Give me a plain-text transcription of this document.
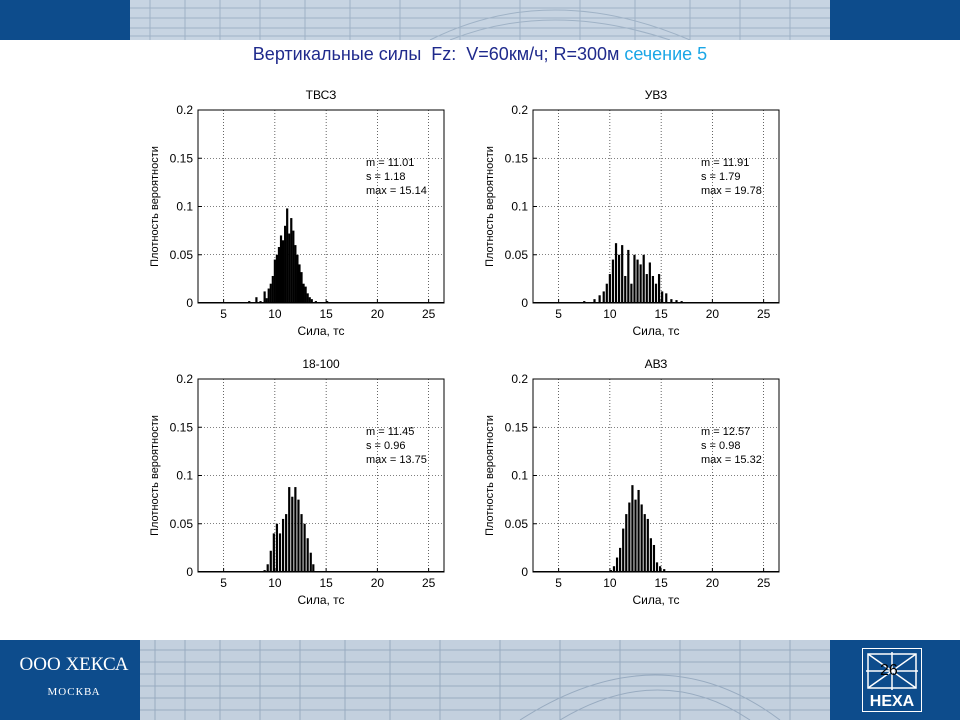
Вертикальные силы  Fz:  V=60км/ч; R=300м сечение 5
5	10	15	20	25
0
0.05
0.1
0.15
0.2
ТВСЗ
Сила, тс
Плотность вероятности	m = 11.01
s = 1.18
max = 15.14
5	10	15	20	25
0
0.05
0.1
0.15
0.2
УВЗ
Сила, тс
Плотность вероятности	m = 11.91
s = 1.79
max = 19.78
5	10	15	20	25
0
0.05
0.1
0.15
0.2
18-100
Сила, тс
Плотность вероятности	m = 11.45
s = 0.96
max = 13.75
5	10	15	20	25
0
0.05
0.1
0.15
0.2
АВЗ
Сила, тс
Плотность вероятности	m = 12.57
s = 0.98
max = 15.32
ООО ХЕКСА
МОСКВА
HEXA
26
